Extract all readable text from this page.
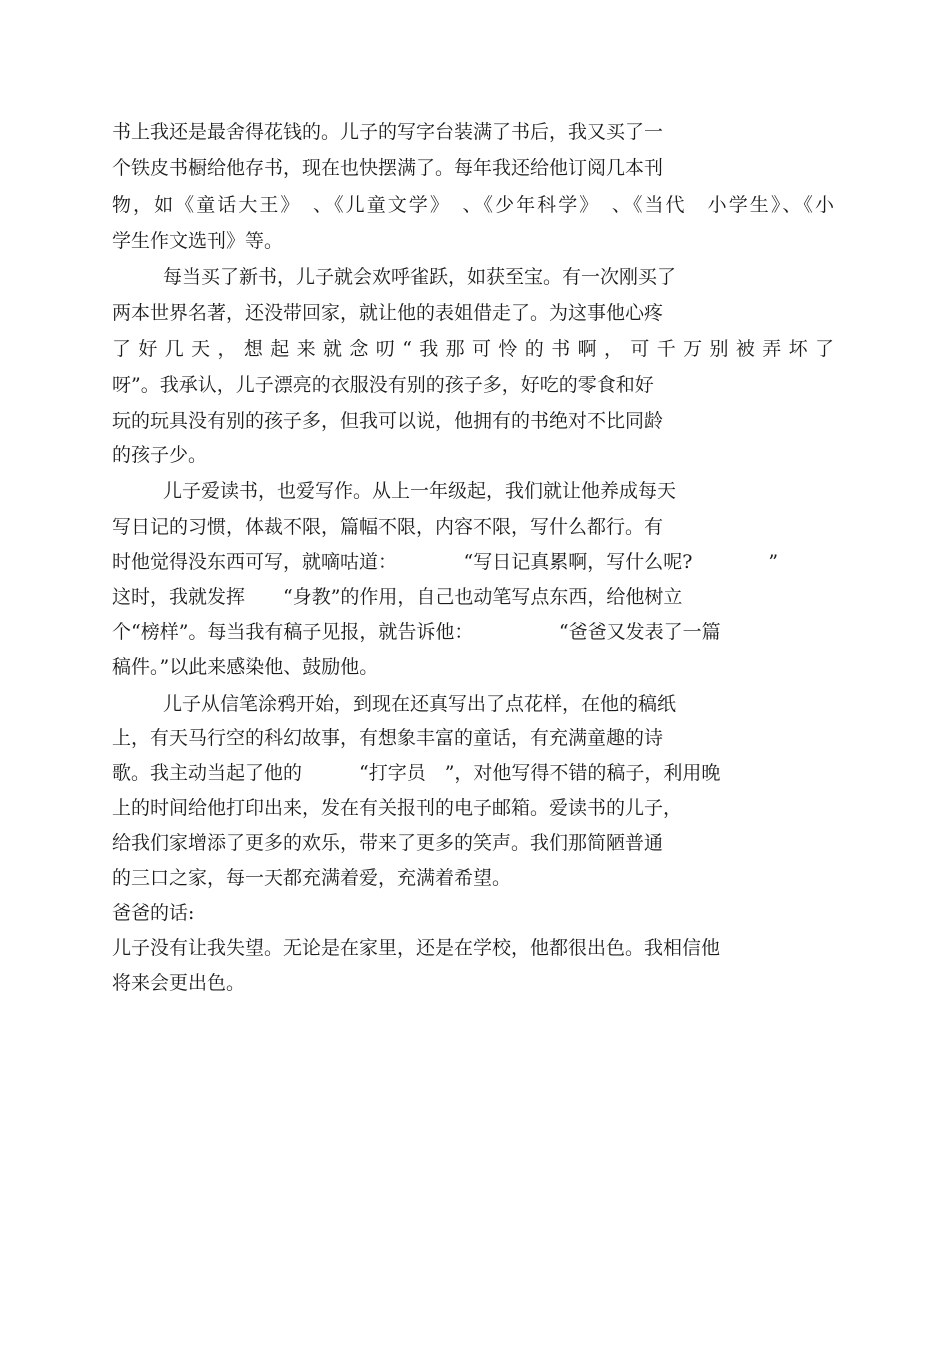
书上我还是最舍得花钱的。儿子的写字台装满了书后，我又买了一
个铁皮书橱给他存书，现在也快摆满了。每年我还给他订阅几本刊
物，如《童话大王》　、《儿童文学》　、《少年科学》　、《当代　小学生》、《小
学生作文选刊》等。
每当买了新书，儿子就会欢呼雀跃，如获至宝。有一次刚买了
两本世界名著，还没带回家，就让他的表姐借走了。为这事他心疼
了好几天，想起来就念叨“我那可怜的书啊，可千万别被弄坏了
呀”。我承认，儿子漂亮的衣服没有别的孩子多，好吃的零食和好
玩的玩具没有别的孩子多，但我可以说，他拥有的书绝对不比同龄
的孩子少。
儿子爱读书，也爱写作。从上一年级起，我们就让他养成每天
写日记的习惯，体裁不限，篇幅不限，内容不限，写什么都行。有
时他觉得没东西可写，就嘀咕道：　　　　“写日记真累啊，写什么呢?　　　　”
这时，我就发挥　　“身教”的作用，自己也动笔写点东西，给他树立
个“榜样”。每当我有稿子见报，就告诉他：　　　　　“爸爸又发表了一篇
稿件。”以此来感染他、鼓励他。
儿子从信笔涂鸦开始，到现在还真写出了点花样，在他的稿纸
上，有天马行空的科幻故事，有想象丰富的童话，有充满童趣的诗
歌。我主动当起了他的　　　“打字员　”，对他写得不错的稿子，利用晚
上的时间给他打印出来，发在有关报刊的电子邮箱。爱读书的儿子，
给我们家增添了更多的欢乐，带来了更多的笑声。我们那简陋普通
的三口之家，每一天都充满着爱，充满着希望。
爸爸的话:
儿子没有让我失望。无论是在家里，还是在学校，他都很出色。我相信他
将来会更出色。
